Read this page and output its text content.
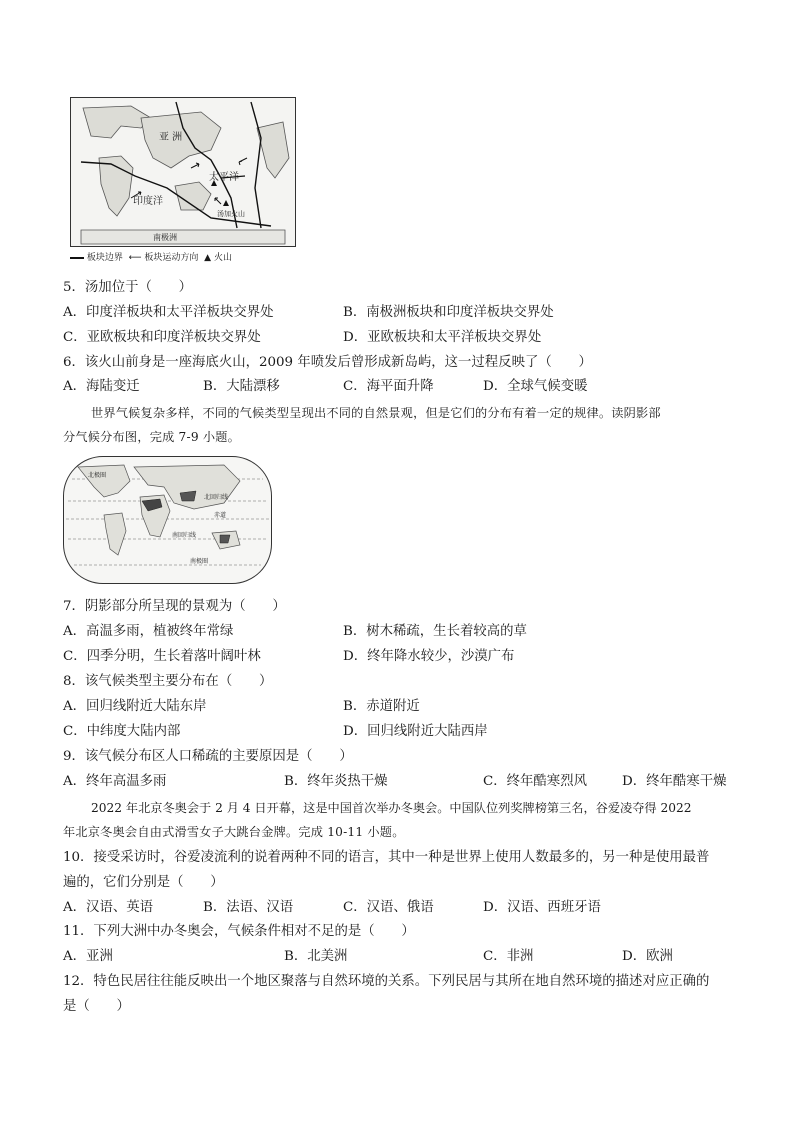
亚 洲
太平洋
印度洋
汤加火山
南极洲
板块边界  ⟵ 板块运动方向  ▲ 火山
5．汤加位于（　　）
A．印度洋板块和太平洋板块交界处	B．南极洲板块和印度洋板块交界处
C．亚欧板块和印度洋板块交界处	D．亚欧板块和太平洋板块交界处
6．该火山前身是一座海底火山，2009 年喷发后曾形成新岛屿，这一过程反映了（　　）
A．海陆变迁	B．大陆漂移	C．海平面升降	D．全球气候变暖
世界气候复杂多样，不同的气候类型呈现出不同的自然景观，但是它们的分布有着一定的规律。读阴影部
分气候分布图，完成 7-9 小题。
北极圈
北回归线
赤道
南回归线
南极圈
7．阴影部分所呈现的景观为（　　）
A．高温多雨，植被终年常绿	B．树木稀疏，生长着较高的草
C．四季分明，生长着落叶阔叶林	D．终年降水较少，沙漠广布
8．该气候类型主要分布在（　　）
A．回归线附近大陆东岸	B．赤道附近
C．中纬度大陆内部	D．回归线附近大陆西岸
9．该气候分布区人口稀疏的主要原因是（　　）
A．终年高温多雨	B．终年炎热干燥	C．终年酷寒烈风	D．终年酷寒干燥
2022 年北京冬奥会于 2 月 4 日开幕，这是中国首次举办冬奥会。中国队位列奖牌榜第三名，谷爱凌夺得 2022
年北京冬奥会自由式滑雪女子大跳台金牌。完成 10-11 小题。
10．接受采访时，谷爱凌流利的说着两种不同的语言，其中一种是世界上使用人数最多的，另一种是使用最普
遍的，它们分别是（　　）
A．汉语、英语	B．法语、汉语	C．汉语、俄语	D．汉语、西班牙语
11．下列大洲中办冬奥会，气候条件相对不足的是（　　）
A．亚洲	B．北美洲	C．非洲	D．欧洲
12．特色民居往往能反映出一个地区聚落与自然环境的关系。下列民居与其所在地自然环境的描述对应正确的
是（　　）
